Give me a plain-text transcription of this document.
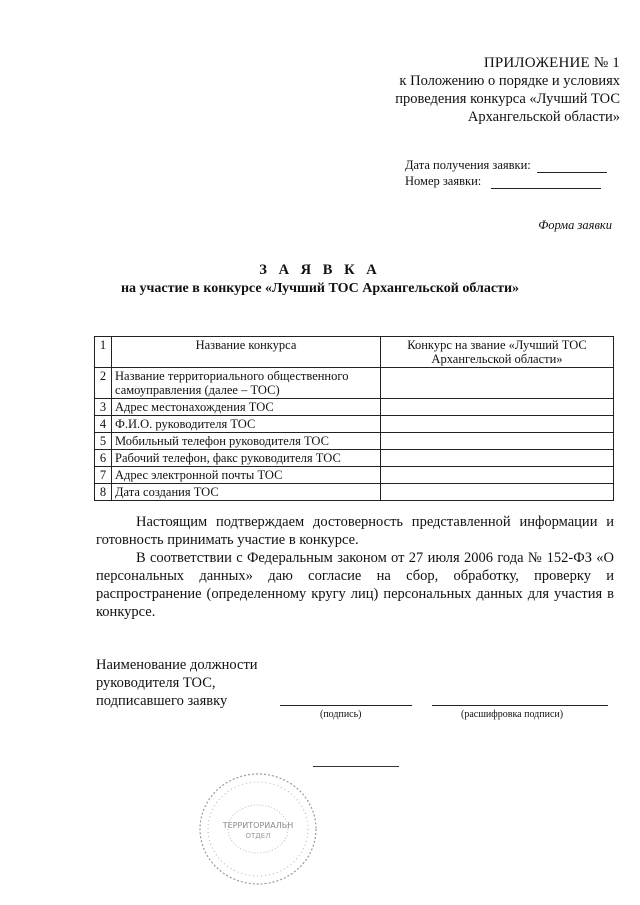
ПРИЛОЖЕНИЕ № 1
к Положению о порядке и условиях
проведения конкурса «Лучший ТОС
Архангельской области»
Дата получения заявки:
Номер заявки:
Форма заявки
З А Я В К А
на участие в конкурсе «Лучший ТОС Архангельской области»
1	Название конкурса	Конкурс на звание «Лучший ТОС Архангельской области»
2	Название территориального общественного самоуправления (далее – ТОС)	
3	Адрес местонахождения ТОС	
4	Ф.И.О. руководителя ТОС	
5	Мобильный телефон руководителя ТОС	
6	Рабочий телефон, факс руководителя ТОС	
7	Адрес электронной почты ТОС	
8	Дата создания ТОС	
Настоящим подтверждаем достоверность представленной информации и готовность принимать участие в конкурсе.
В соответствии с Федеральным законом от 27 июля 2006 года № 152-ФЗ «О персональных данных» даю согласие на сбор, обработку, проверку и распространение (определенному кругу лиц) персональных данных для участия в конкурсе.
Наименование должности
руководителя ТОС,
подписавшего заявку
(подпись)	(расшифровка подписи)
ТЕРРИТОРИАЛЬН
ОТДЕЛ
